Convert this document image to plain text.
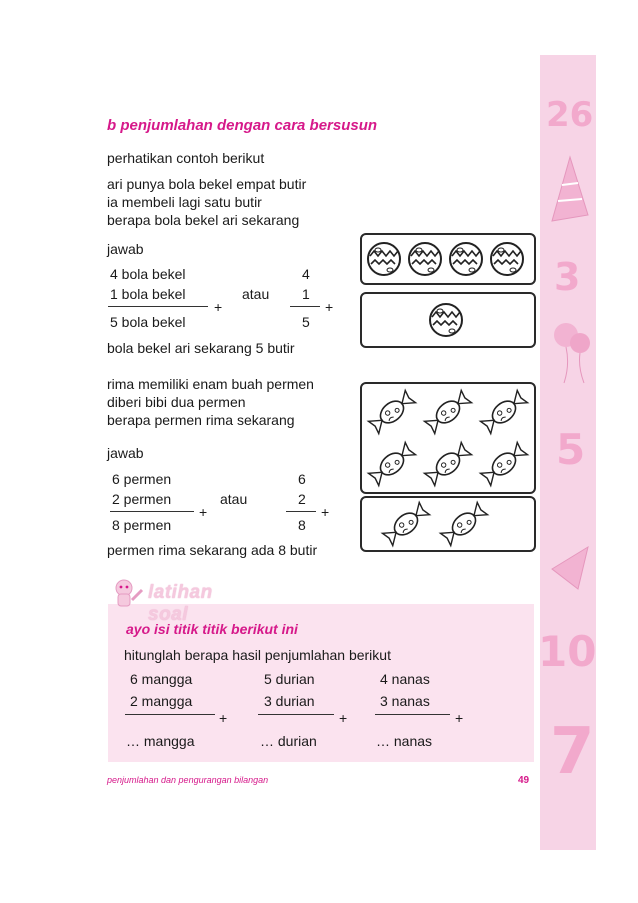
26
3
5
10
7
b penjumlahan dengan cara bersusun
perhatikan contoh berikut
ari punya bola bekel empat butir
ia membeli lagi satu butir
berapa bola bekel ari sekarang
jawab
4 bola bekel
1 bola bekel
+
5 bola bekel
atau
4
1
+
5
bola bekel ari sekarang 5 butir
rima memiliki enam buah permen
diberi bibi dua permen
berapa permen rima sekarang
jawab
6 permen
2 permen
+
8 permen
atau
6
2
+
8
permen rima sekarang ada 8 butir
latihan soal
ayo isi titik titik berikut ini
hitunglah berapa hasil penjumlahan berikut
6 mangga
2 mangga
+
… mangga
5 durian
3 durian
+
… durian
4 nanas
3 nanas
+
… nanas
penjumlahan dan pengurangan bilangan	49
